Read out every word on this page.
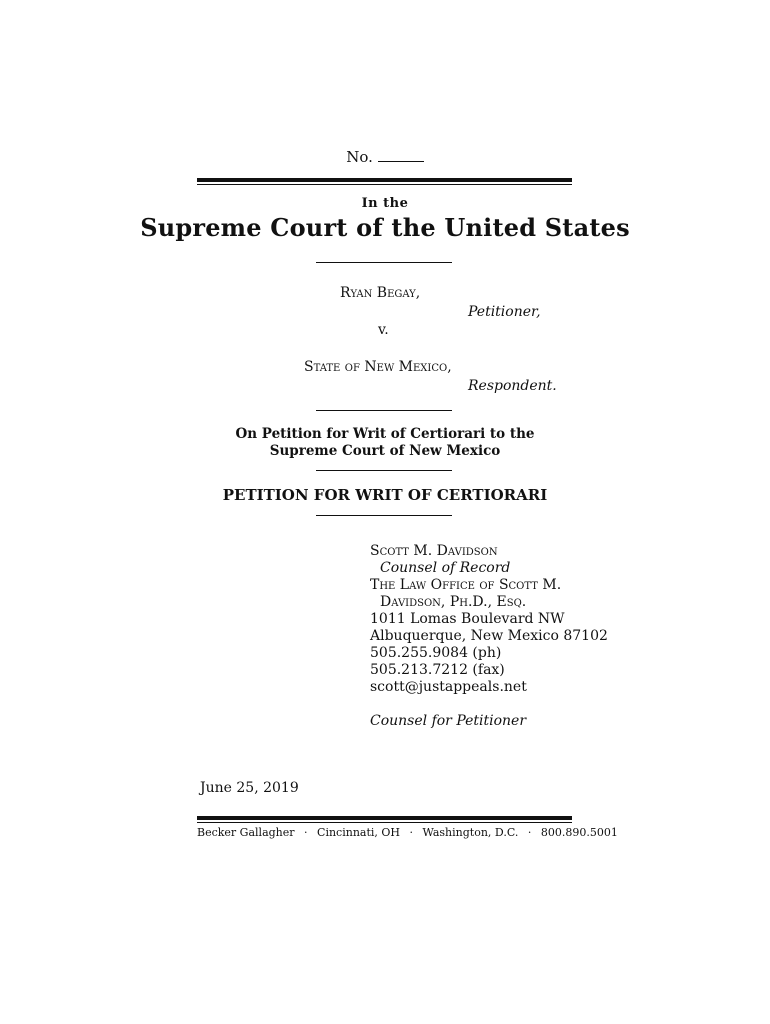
No.
In the
Supreme Court of the United States
Ryan Begay,
Petitioner,
v.
State of New Mexico,
Respondent.
On Petition for Writ of Certiorari to the
Supreme Court of New Mexico
PETITION FOR WRIT OF CERTIORARI
Scott M. Davidson
Counsel of Record
The Law Office of Scott M.
Davidson, Ph.D., Esq.
1011 Lomas Boulevard NW
Albuquerque, New Mexico 87102
505.255.9084 (ph)
505.213.7212 (fax)
scott@justappeals.net
Counsel for Petitioner
June 25, 2019
Becker Gallagher · Cincinnati, OH · Washington, D.C. · 800.890.5001
